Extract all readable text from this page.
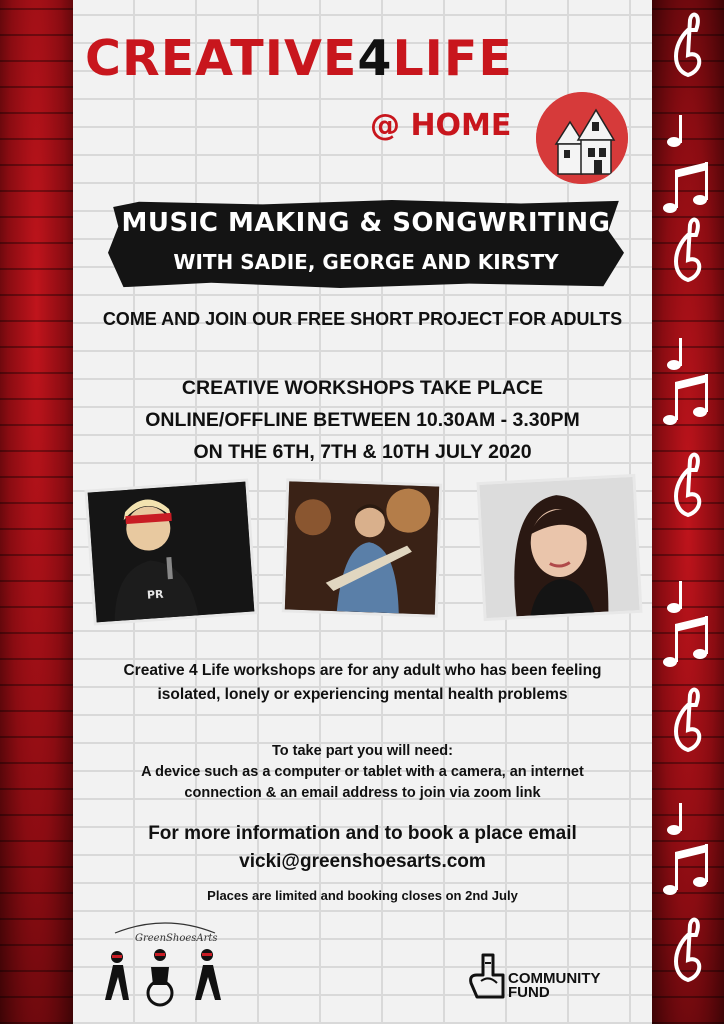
CREATIVE4LIFE
@ HOME
MUSIC MAKING & SONGWRITING
WITH SADIE, GEORGE AND KIRSTY
COME AND JOIN OUR FREE SHORT PROJECT FOR ADULTS
CREATIVE WORKSHOPS TAKE PLACE
ONLINE/OFFLINE BETWEEN 10.30AM - 3.30PM
ON THE 6TH, 7TH & 10TH JULY 2020
PR
Creative 4 Life workshops are for any adult who has been feeling
isolated, lonely or experiencing mental health problems
To take part you will need:
A device such as a computer or tablet with a camera, an internet
connection & an email address to join via zoom link
For more information and to book a place email
vicki@greenshoesarts.com
Places are limited and booking closes on 2nd July
GreenShoesArts
COMMUNITY
FUND
